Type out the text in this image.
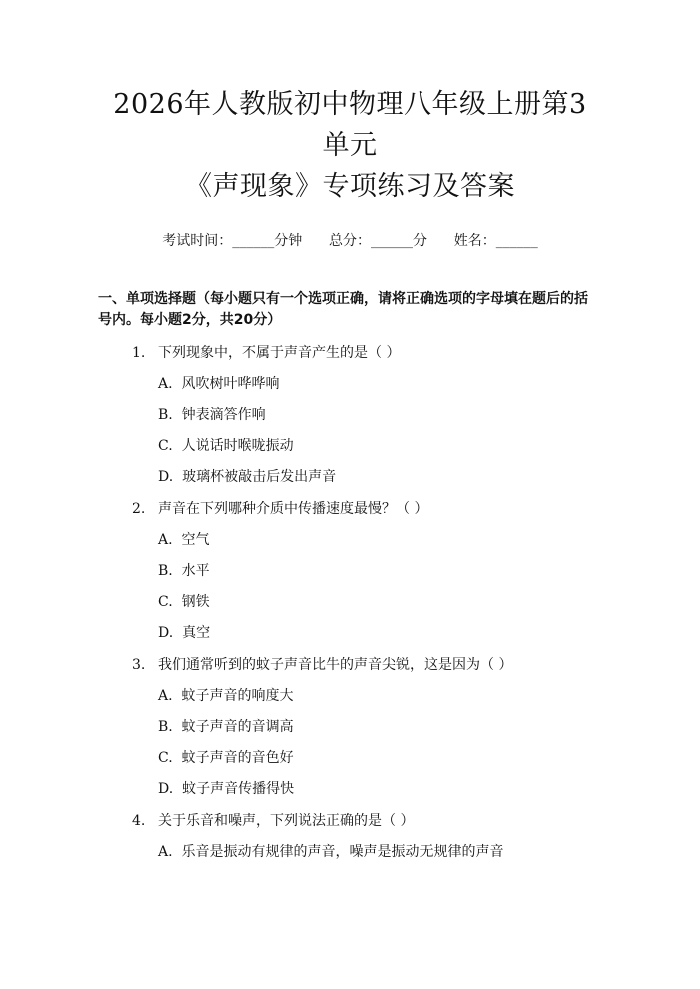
2026年人教版初中物理八年级上册第3单元
《声现象》专项练习及答案
考试时间：______分钟      总分：______分      姓名：______
一、单项选择题（每小题只有一个选项正确，请将正确选项的字母填在题后的括号内。每小题2分，共20分）
1. 下列现象中，不属于声音产生的是（ ）
A.  风吹树叶哗哗响
B.  钟表滴答作响
C.  人说话时喉咙振动
D.  玻璃杯被敲击后发出声音
2. 声音在下列哪种介质中传播速度最慢？（ ）
A.  空气
B.  水平
C.  钢铁
D.  真空
3. 我们通常听到的蚊子声音比牛的声音尖锐，这是因为（ ）
A.  蚊子声音的响度大
B.  蚊子声音的音调高
C.  蚊子声音的音色好
D.  蚊子声音传播得快
4. 关于乐音和噪声，下列说法正确的是（ ）
A.  乐音是振动有规律的声音，噪声是振动无规律的声音
